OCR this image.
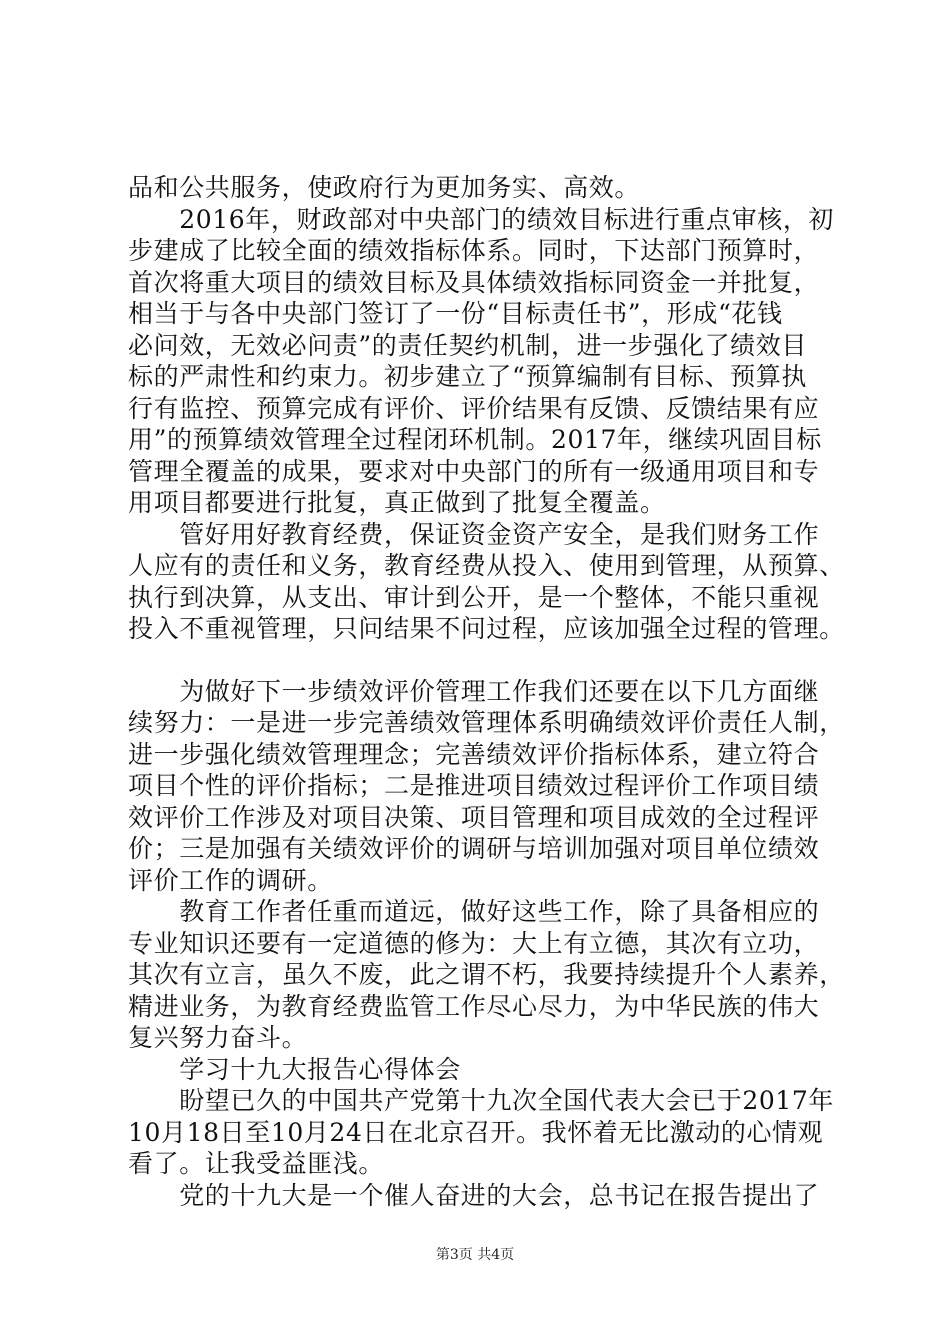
品和公共服务，使政府行为更加务实、高效。
　　2016年，财政部对中央部门的绩效目标进行重点审核，初
步建成了比较全面的绩效指标体系。同时，下达部门预算时，
首次将重大项目的绩效目标及具体绩效指标同资金一并批复，
相当于与各中央部门签订了一份“目标责任书”，形成“花钱
必问效，无效必问责”的责任契约机制，进一步强化了绩效目
标的严肃性和约束力。初步建立了“预算编制有目标、预算执
行有监控、预算完成有评价、评价结果有反馈、反馈结果有应
用”的预算绩效管理全过程闭环机制。2017年，继续巩固目标
管理全覆盖的成果，要求对中央部门的所有一级通用项目和专
用项目都要进行批复，真正做到了批复全覆盖。
　　管好用好教育经费，保证资金资产安全，是我们财务工作
人应有的责任和义务，教育经费从投入、使用到管理，从预算、
执行到决算，从支出、审计到公开，是一个整体，不能只重视
投入不重视管理，只问结果不问过程，应该加强全过程的管理。
　　为做好下一步绩效评价管理工作我们还要在以下几方面继
续努力：一是进一步完善绩效管理体系明确绩效评价责任人制，
进一步强化绩效管理理念；完善绩效评价指标体系，建立符合
项目个性的评价指标；二是推进项目绩效过程评价工作项目绩
效评价工作涉及对项目决策、项目管理和项目成效的全过程评
价；三是加强有关绩效评价的调研与培训加强对项目单位绩效
评价工作的调研。
　　教育工作者任重而道远，做好这些工作，除了具备相应的
专业知识还要有一定道德的修为：大上有立德，其次有立功，
其次有立言，虽久不废，此之谓不朽，我要持续提升个人素养，
精进业务，为教育经费监管工作尽心尽力，为中华民族的伟大
复兴努力奋斗。
　　学习十九大报告心得体会
　　盼望已久的中国共产党第十九次全国代表大会已于2017年
10月18日至10月24日在北京召开。我怀着无比激动的心情观
看了。让我受益匪浅。
　　党的十九大是一个催人奋进的大会，总书记在报告提出了
第3页 共4页
